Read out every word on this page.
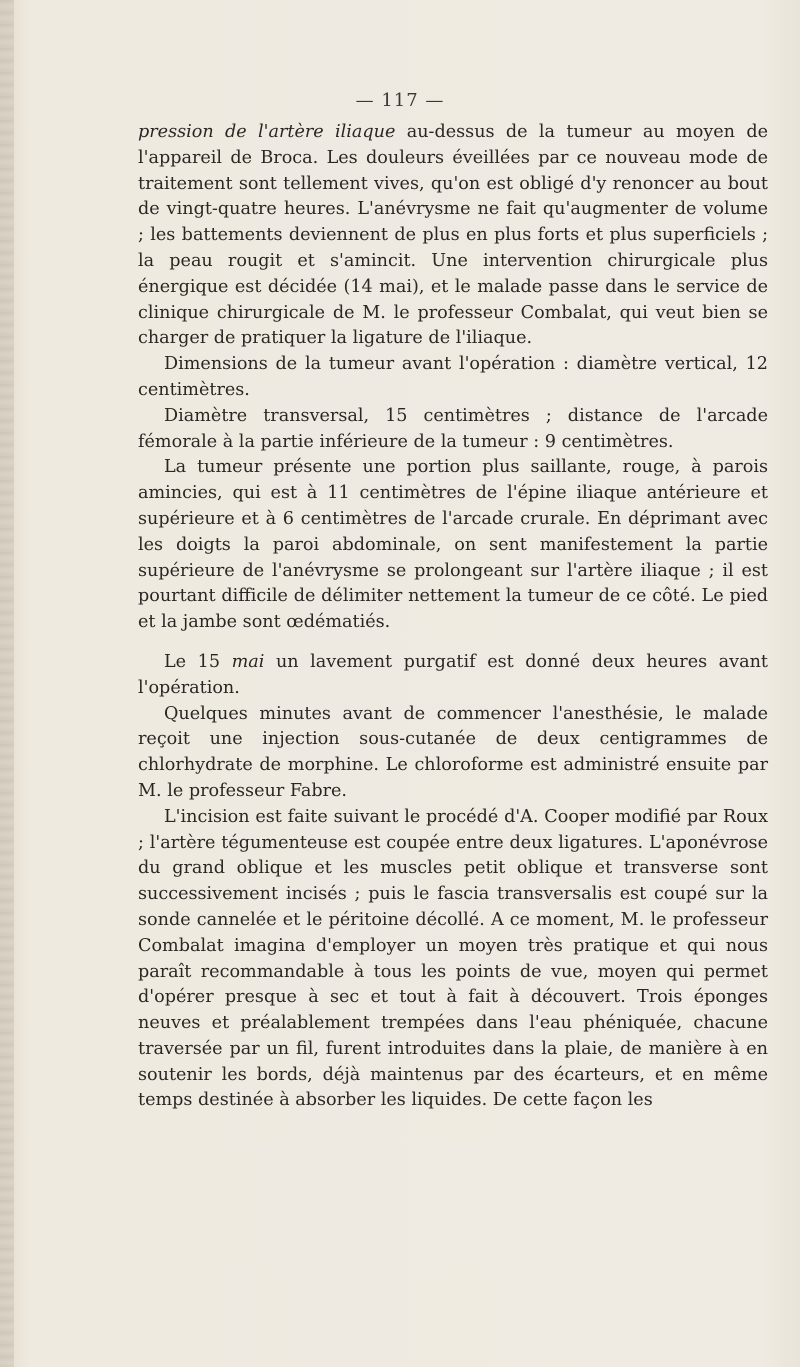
— 117 —

pression de l'artère iliaque au-dessus de la tumeur au moyen de l'appareil de Broca. Les douleurs éveillées par ce nouveau mode de traitement sont tellement vives, qu'on est obligé d'y renoncer au bout de vingt-quatre heures. L'anévrysme ne fait qu'augmenter de volume ; les battements deviennent de plus en plus forts et plus superficiels ; la peau rougit et s'amincit. Une intervention chirurgicale plus énergique est décidée (14 mai), et le malade passe dans le service de clinique chirurgicale de M. le professeur Combalat, qui veut bien se charger de pratiquer la ligature de l'iliaque.

Dimensions de la tumeur avant l'opération : diamètre vertical, 12 centimètres.

Diamètre transversal, 15 centimètres ; distance de l'arcade fémorale à la partie inférieure de la tumeur : 9 centimètres.

La tumeur présente une portion plus saillante, rouge, à parois amincies, qui est à 11 centimètres de l'épine iliaque antérieure et supérieure et à 6 centimètres de l'arcade crurale. En déprimant avec les doigts la paroi abdominale, on sent manifestement la partie supérieure de l'anévrysme se prolongeant sur l'artère iliaque ; il est pourtant difficile de délimiter nettement la tumeur de ce côté. Le pied et la jambe sont œdématiés.

Le 15 mai un lavement purgatif est donné deux heures avant l'opération.

Quelques minutes avant de commencer l'anesthésie, le malade reçoit une injection sous-cutanée de deux centigrammes de chlorhydrate de morphine. Le chloroforme est administré ensuite par M. le professeur Fabre.

L'incision est faite suivant le procédé d'A. Cooper modifié par Roux ; l'artère tégumenteuse est coupée entre deux ligatures. L'aponévrose du grand oblique et les muscles petit oblique et transverse sont successivement incisés ; puis le fascia transversalis est coupé sur la sonde cannelée et le péritoine décollé. A ce moment, M. le professeur Combalat imagina d'employer un moyen très pratique et qui nous paraît recommandable à tous les points de vue, moyen qui permet d'opérer presque à sec et tout à fait à découvert. Trois éponges neuves et préalablement trempées dans l'eau phéniquée, chacune traversée par un fil, furent introduites dans la plaie, de manière à en soutenir les bords, déjà maintenus par des écarteurs, et en même temps destinée à absorber les liquides. De cette façon les
